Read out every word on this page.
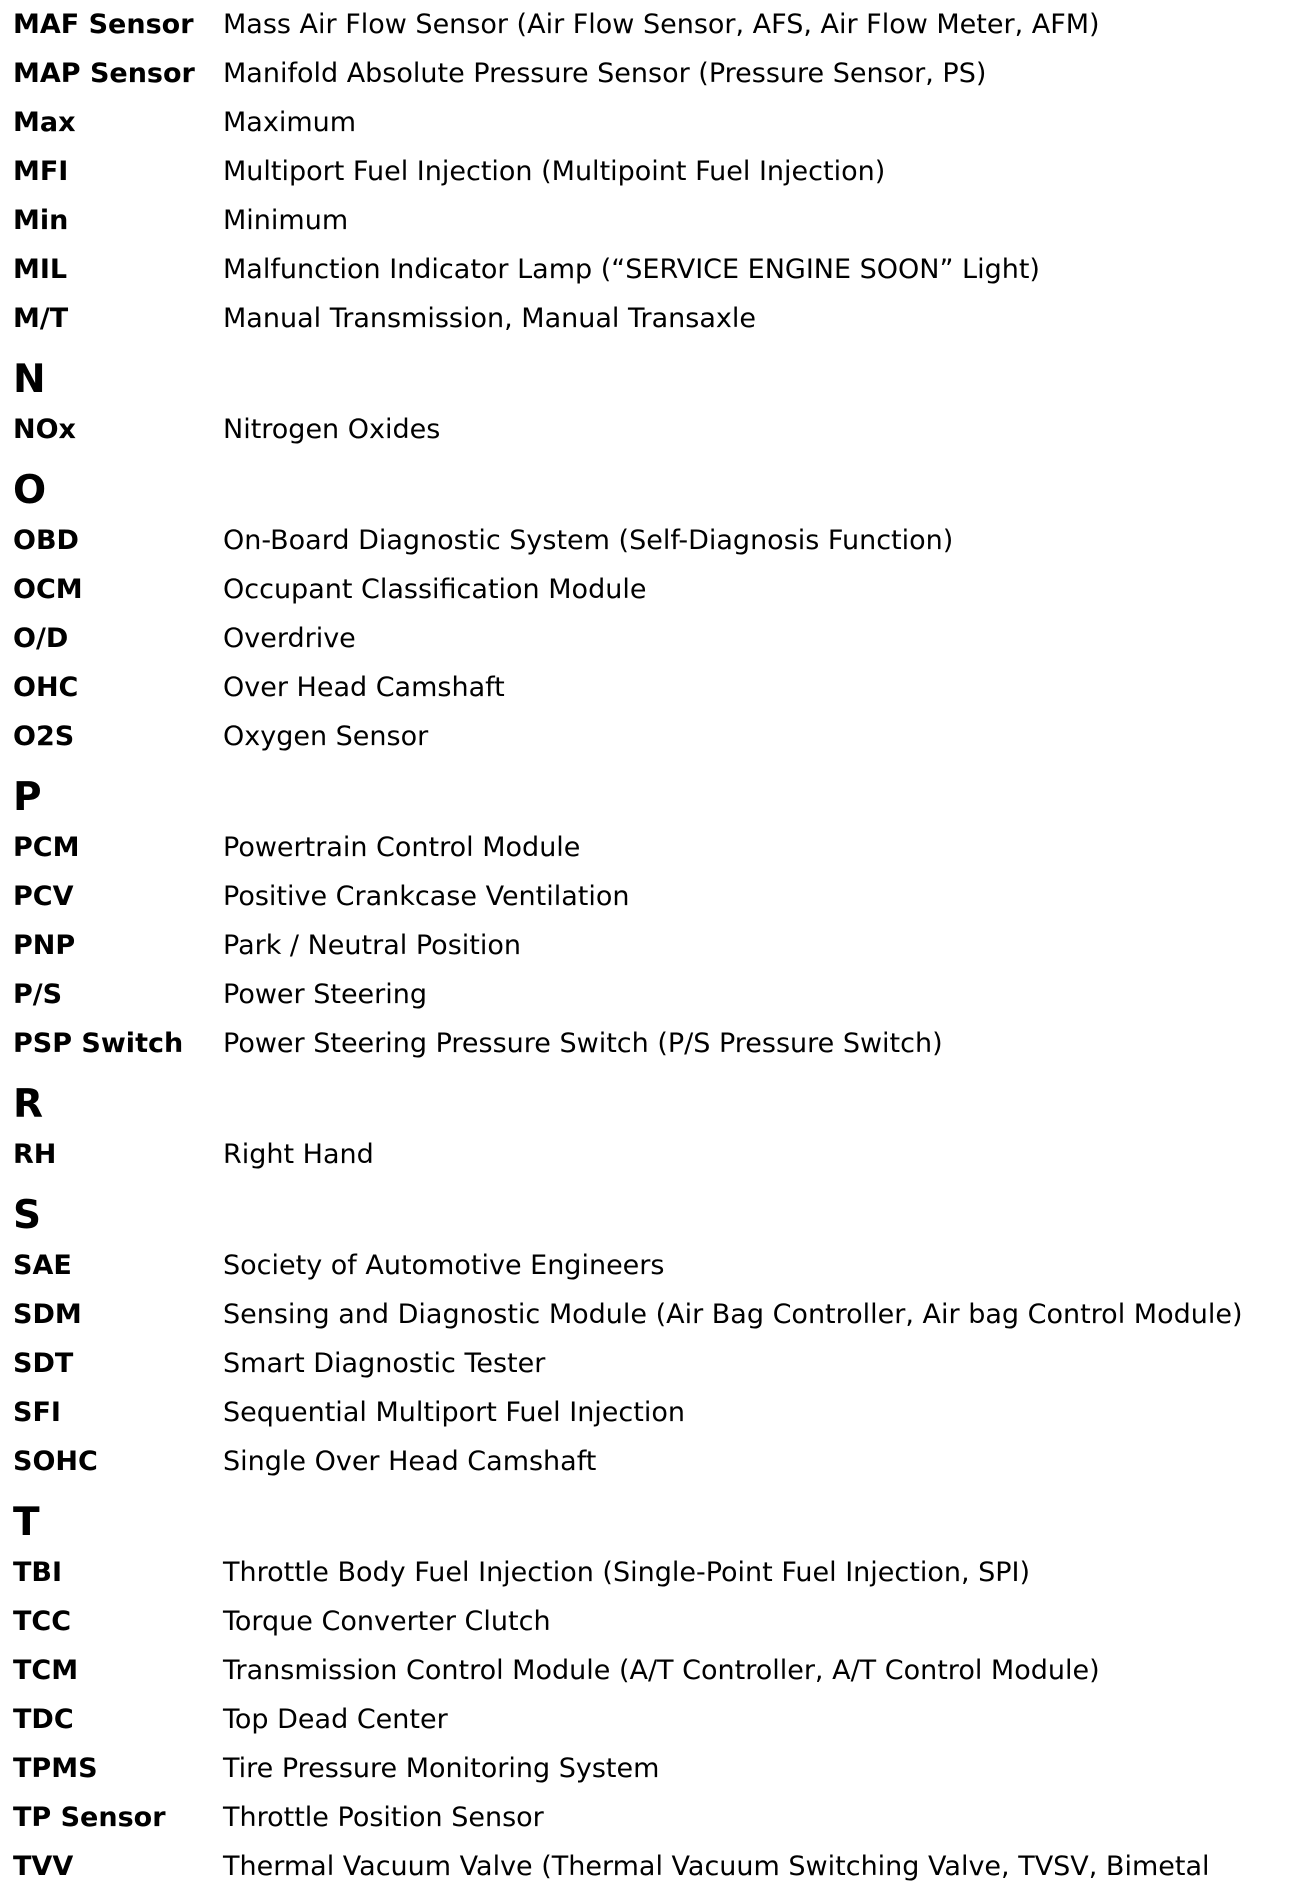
MAF Sensor	Mass Air Flow Sensor (Air Flow Sensor, AFS, Air Flow Meter, AFM)
MAP Sensor	Manifold Absolute Pressure Sensor (Pressure Sensor, PS)
Max	Maximum
MFI	Multiport Fuel Injection (Multipoint Fuel Injection)
Min	Minimum
MIL	Malfunction Indicator Lamp (“SERVICE ENGINE SOON” Light)
M/T	Manual Transmission, Manual Transaxle
N
NOx	Nitrogen Oxides
O
OBD	On-Board Diagnostic System (Self-Diagnosis Function)
OCM	Occupant Classification Module
O/D	Overdrive
OHC	Over Head Camshaft
O2S	Oxygen Sensor
P
PCM	Powertrain Control Module
PCV	Positive Crankcase Ventilation
PNP	Park / Neutral Position
P/S	Power Steering
PSP Switch	Power Steering Pressure Switch (P/S Pressure Switch)
R
RH	Right Hand
S
SAE	Society of Automotive Engineers
SDM	Sensing and Diagnostic Module (Air Bag Controller, Air bag Control Module)
SDT	Smart Diagnostic Tester
SFI	Sequential Multiport Fuel Injection
SOHC	Single Over Head Camshaft
T
TBI	Throttle Body Fuel Injection (Single-Point Fuel Injection, SPI)
TCC	Torque Converter Clutch
TCM	Transmission Control Module (A/T Controller, A/T Control Module)
TDC	Top Dead Center
TPMS	Tire Pressure Monitoring System
TP Sensor	Throttle Position Sensor
TVV	Thermal Vacuum Valve (Thermal Vacuum Switching Valve, TVSV, Bimetal
